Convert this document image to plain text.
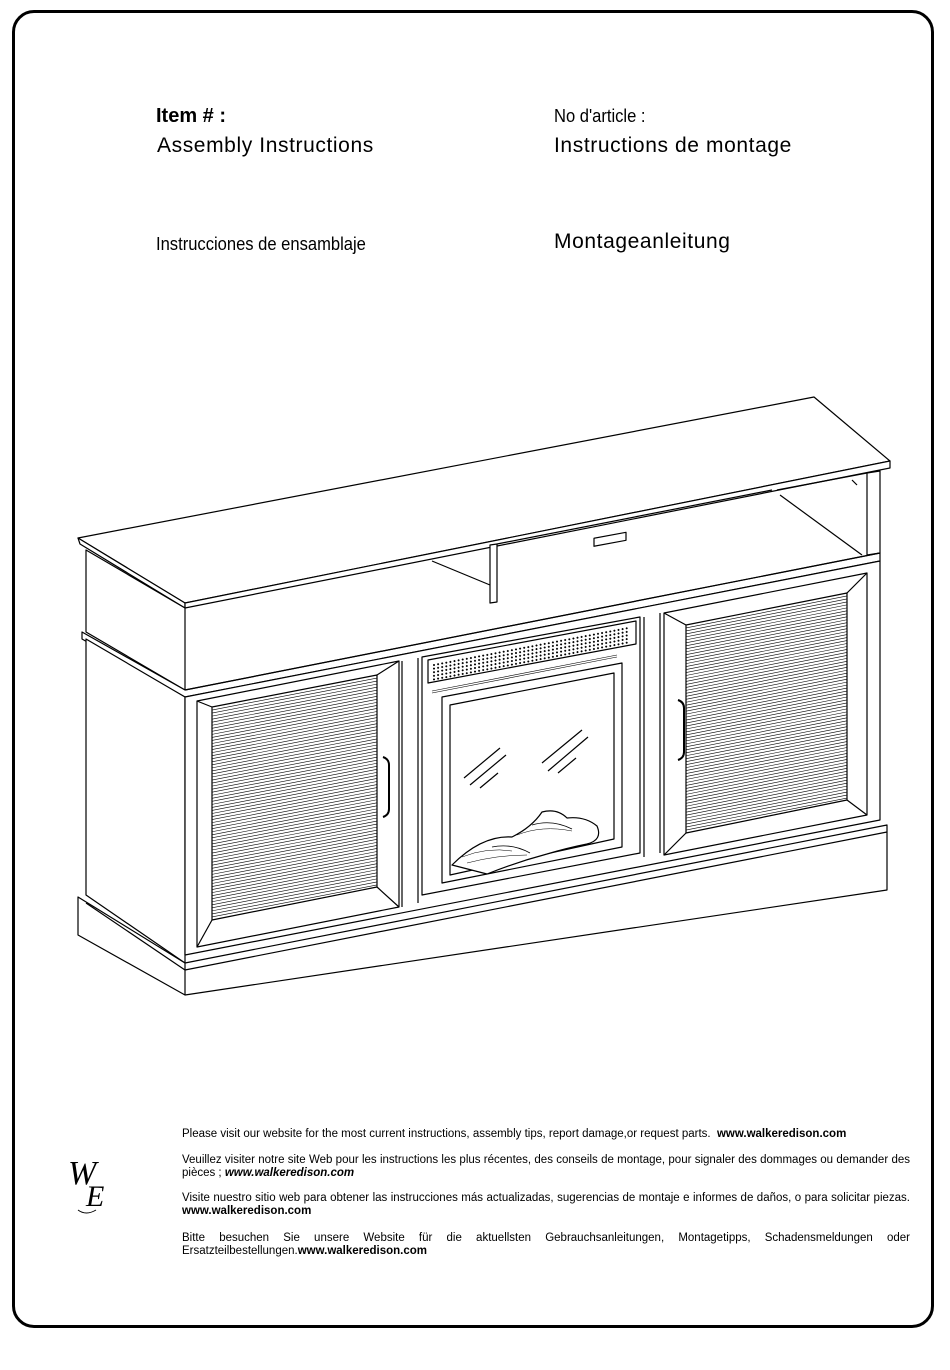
Item # :	No d'article :
Assembly Instructions	Instructions de montage
Instrucciones de ensamblaje	Montageanleitung
W
E
Please visit our website for the most current instructions, assembly tips, report damage,or request parts. www.walkeredison.com
Veuillez visiter notre site Web pour les instructions les plus récentes, des conseils de montage, pour signaler des dommages ou demander des pièces ; www.walkeredison.com
Visite nuestro sitio web para obtener las instrucciones más actualizadas, sugerencias de montaje e informes de daños, o para solicitar piezas. www.walkeredison.com
Bitte besuchen Sie unsere Website für die aktuellsten Gebrauchsanleitungen, Montagetipps, Schadensmeldungen oder Ersatzteilbestellungen.www.walkeredison.com
